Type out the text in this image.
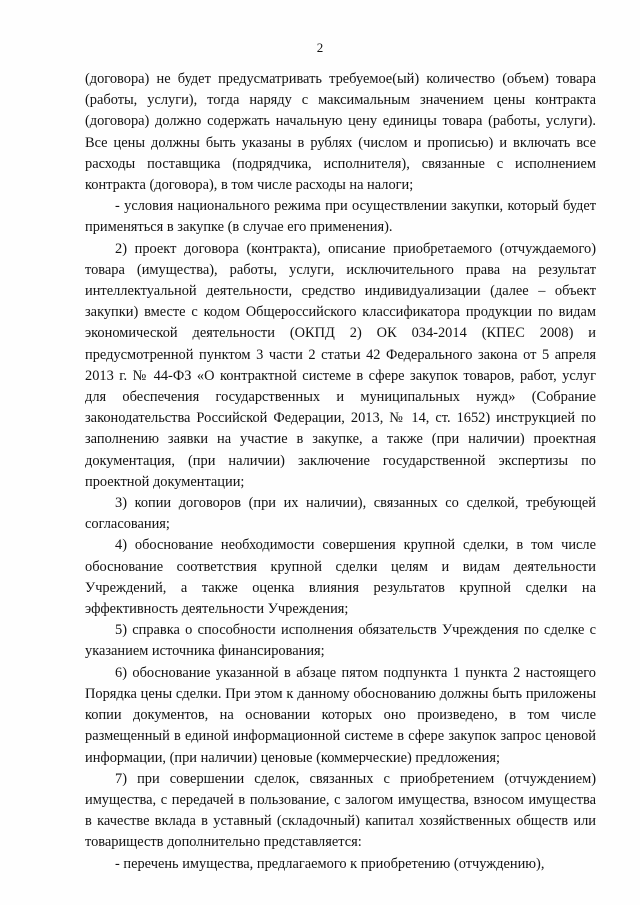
2

(договора) не будет предусматривать требуемое(ый) количество (объем) товара (работы, услуги), тогда наряду с максимальным значением цены контракта (договора) должно содержать начальную цену единицы товара (работы, услуги). Все цены должны быть указаны в рублях (числом и прописью) и включать все расходы поставщика (подрядчика, исполнителя), связанные с исполнением контракта (договора), в том числе расходы на налоги;

- условия национального режима при осуществлении закупки, который будет применяться в закупке (в случае его применения).

2) проект договора (контракта), описание приобретаемого (отчуждаемого) товара (имущества), работы, услуги, исключительного права на результат интеллектуальной деятельности, средство индивидуализации (далее – объект закупки) вместе с кодом Общероссийского классификатора продукции по видам экономической деятельности (ОКПД 2) ОК 034-2014 (КПЕС 2008) и предусмотренной пунктом 3 части 2 статьи 42 Федерального закона от 5 апреля 2013 г. № 44-ФЗ «О контрактной системе в сфере закупок товаров, работ, услуг для обеспечения государственных и муниципальных нужд» (Собрание законодательства Российской Федерации, 2013, № 14, ст. 1652) инструкцией по заполнению заявки на участие в закупке, а также (при наличии) проектная документация, (при наличии) заключение государственной экспертизы по проектной документации;

3) копии договоров (при их наличии), связанных со сделкой, требующей согласования;

4) обоснование необходимости совершения крупной сделки, в том числе обоснование соответствия крупной сделки целям и видам деятельности Учреждений, а также оценка влияния результатов крупной сделки на эффективность деятельности Учреждения;

5) справка о способности исполнения обязательств Учреждения по сделке с указанием источника финансирования;

6) обоснование указанной в абзаце пятом подпункта 1 пункта 2 настоящего Порядка цены сделки. При этом к данному обоснованию должны быть приложены копии документов, на основании которых оно произведено, в том числе размещенный в единой информационной системе в сфере закупок запрос ценовой информации, (при наличии) ценовые (коммерческие) предложения;

7) при совершении сделок, связанных с приобретением (отчуждением) имущества, с передачей в пользование, с залогом имущества, взносом имущества в качестве вклада в уставный (складочный) капитал хозяйственных обществ или товариществ дополнительно представляется:

- перечень имущества, предлагаемого к приобретению (отчуждению),
